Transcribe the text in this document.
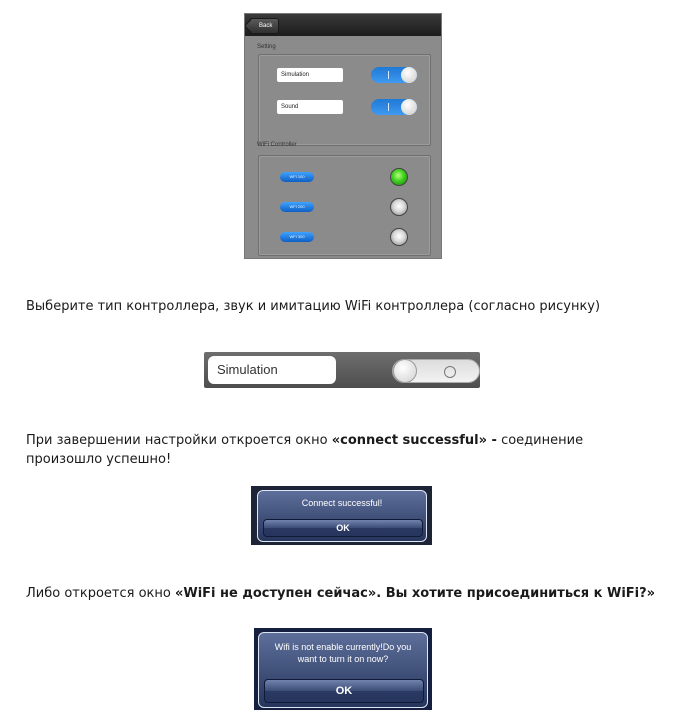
Back
Setting
Simulation
Sound
WiFi Controller
WFI 100
WFI 200
WFI 300
Выберите тип контроллера, звук и имитацию WiFi контроллера (согласно рисунку)
Simulation
При завершении настройки откроется окно «connect successful» - соединение произошло успешно!
Connect successful!
OK
Либо откроется окно «WiFi не доступен сейчас». Вы хотите присоединиться к WiFi?»
Wifi is not enable currently!Do you
want to turn it on now?
OK
